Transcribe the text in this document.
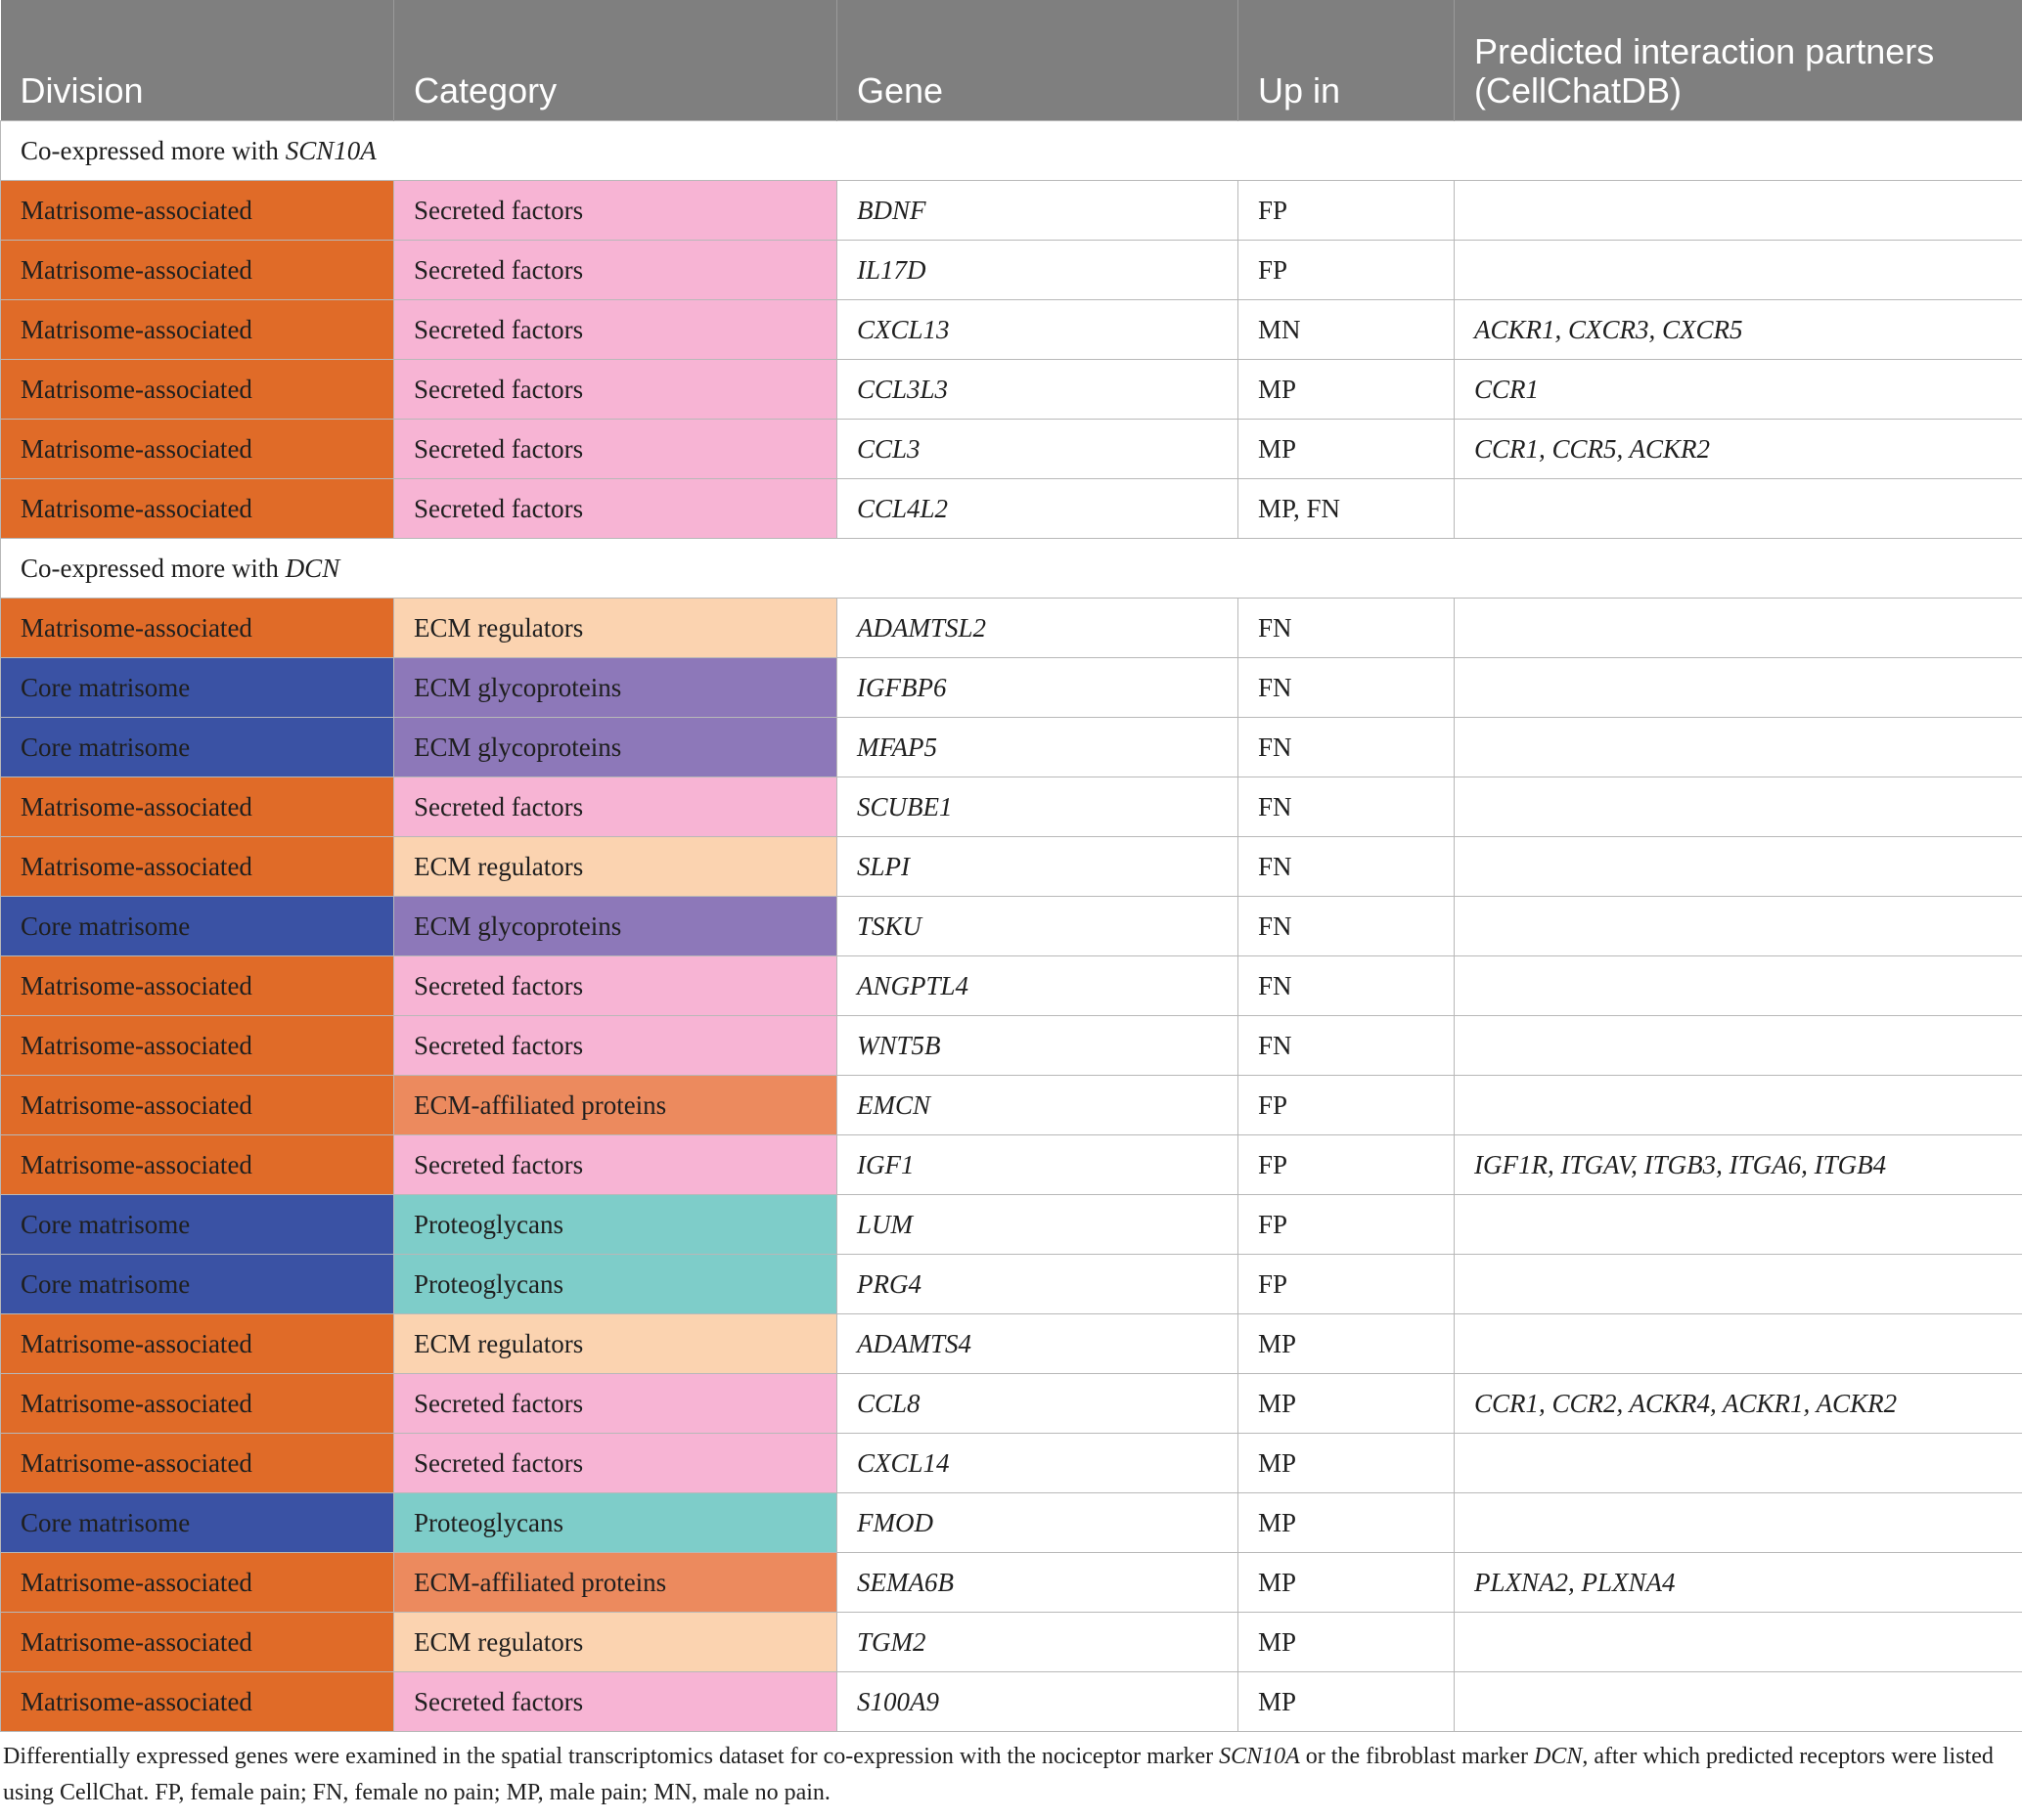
Division	Category	Gene	Up in	Predicted interaction partners
(CellChatDB)
Co-expressed more with SCN10A				
Matrisome-associated	Secreted factors	BDNF	FP	
Matrisome-associated	Secreted factors	IL17D	FP	
Matrisome-associated	Secreted factors	CXCL13	MN	ACKR1, CXCR3, CXCR5
Matrisome-associated	Secreted factors	CCL3L3	MP	CCR1
Matrisome-associated	Secreted factors	CCL3	MP	CCR1, CCR5, ACKR2
Matrisome-associated	Secreted factors	CCL4L2	MP, FN	
Co-expressed more with DCN				
Matrisome-associated	ECM regulators	ADAMTSL2	FN	
Core matrisome	ECM glycoproteins	IGFBP6	FN	
Core matrisome	ECM glycoproteins	MFAP5	FN	
Matrisome-associated	Secreted factors	SCUBE1	FN	
Matrisome-associated	ECM regulators	SLPI	FN	
Core matrisome	ECM glycoproteins	TSKU	FN	
Matrisome-associated	Secreted factors	ANGPTL4	FN	
Matrisome-associated	Secreted factors	WNT5B	FN	
Matrisome-associated	ECM-affiliated proteins	EMCN	FP	
Matrisome-associated	Secreted factors	IGF1	FP	IGF1R, ITGAV, ITGB3, ITGA6, ITGB4
Core matrisome	Proteoglycans	LUM	FP	
Core matrisome	Proteoglycans	PRG4	FP	
Matrisome-associated	ECM regulators	ADAMTS4	MP	
Matrisome-associated	Secreted factors	CCL8	MP	CCR1, CCR2, ACKR4, ACKR1, ACKR2
Matrisome-associated	Secreted factors	CXCL14	MP	
Core matrisome	Proteoglycans	FMOD	MP	
Matrisome-associated	ECM-affiliated proteins	SEMA6B	MP	PLXNA2, PLXNA4
Matrisome-associated	ECM regulators	TGM2	MP	
Matrisome-associated	Secreted factors	S100A9	MP	
Differentially expressed genes were examined in the spatial transcriptomics dataset for co-expression with the nociceptor marker SCN10A or the fibroblast marker DCN, after which predicted receptors were listed using CellChat. FP, female pain; FN, female no pain; MP, male pain; MN, male no pain.
